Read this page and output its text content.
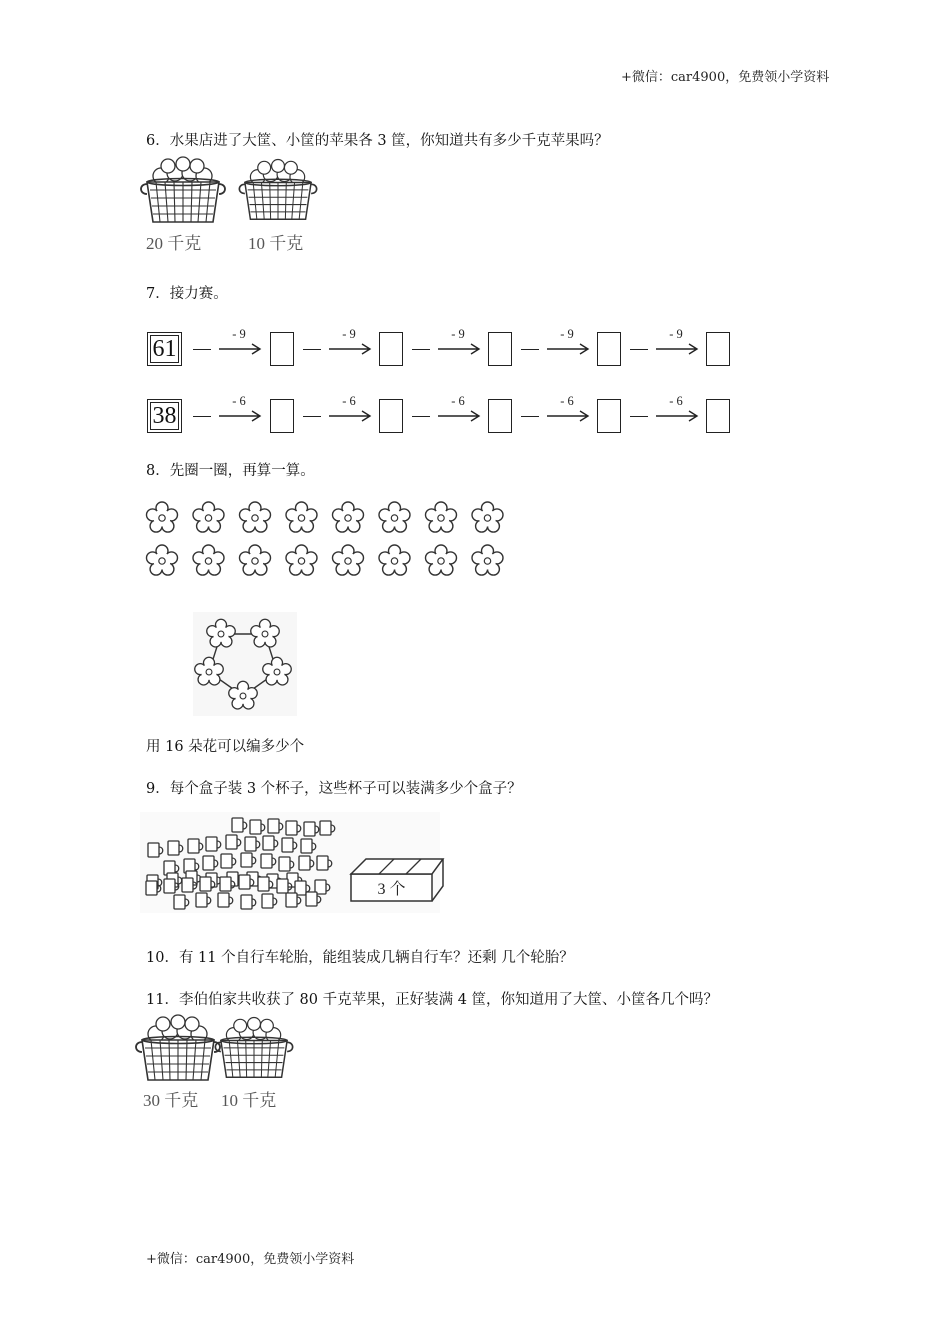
+微信：car4900，免费领小学资料
6．水果店进了大筐、小筐的苹果各 3 筐，你知道共有多少千克苹果吗？
20 千克	10 千克
7．接力赛。
61
- 9	- 9	- 9	- 9	- 9
38
- 6	- 6	- 6	- 6	- 6
8．先圈一圈，再算一算。
用 16 朵花可以编多少个
9．每个盒子装 3 个杯子，这些杯子可以装满多少个盒子？
3 个
10．有 11 个自行车轮胎，能组装成几辆自行车？还剩 几个轮胎？
11．李伯伯家共收获了 80 千克苹果，正好装满 4 筐，你知道用了大筐、小筐各几个吗？
30 千克 10 千克
+微信：car4900，免费领小学资料
